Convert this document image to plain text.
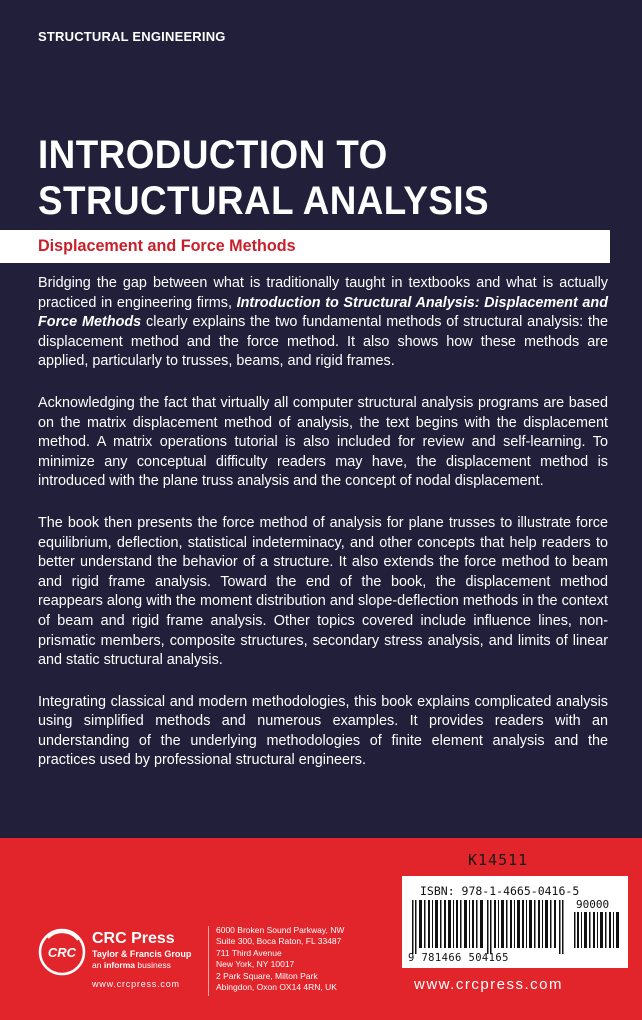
STRUCTURAL ENGINEERING
INTRODUCTION TO
STRUCTURAL ANALYSIS
Displacement and Force Methods

Bridging the gap between what is traditionally taught in textbooks and what is actually practiced in engineering firms, Introduction to Structural Analysis: Displacement and Force Methods clearly explains the two fundamental methods of structural analysis: the displacement method and the force method. It also shows how these methods are applied, particularly to trusses, beams, and rigid frames.

Acknowledging the fact that virtually all computer structural analysis programs are based on the matrix displacement method of analysis, the text begins with the displacement method. A matrix operations tutorial is also included for review and self-learning. To minimize any conceptual difficulty readers may have, the displacement method is introduced with the plane truss analysis and the concept of nodal displacement.

The book then presents the force method of analysis for plane trusses to illustrate force equilibrium, deflection, statistical indeterminacy, and other concepts that help readers to better understand the behavior of a structure. It also extends the force method to beam and rigid frame analysis. Toward the end of the book, the displacement method reappears along with the moment distribution and slope-deflection methods in the context of beam and rigid frame analysis. Other topics covered include influence lines, non-prismatic members, composite structures, secondary stress analysis, and limits of linear and static structural analysis.

Integrating classical and modern methodologies, this book explains complicated analysis using simplified methods and numerous examples. It provides readers with an understanding of the underlying methodologies of finite element analysis and the practices used by professional structural engineers.

K14511
ISBN: 978-1-4665-0416-5
90000
9 781466 504165
www.crcpress.com
CRC
CRC Press
Taylor & Francis Group
an informa business
www.crcpress.com
6000 Broken Sound Parkway, NW
Suite 300, Boca Raton, FL 33487
711 Third Avenue
New York, NY 10017
2 Park Square, Milton Park
Abingdon, Oxon OX14 4RN, UK
